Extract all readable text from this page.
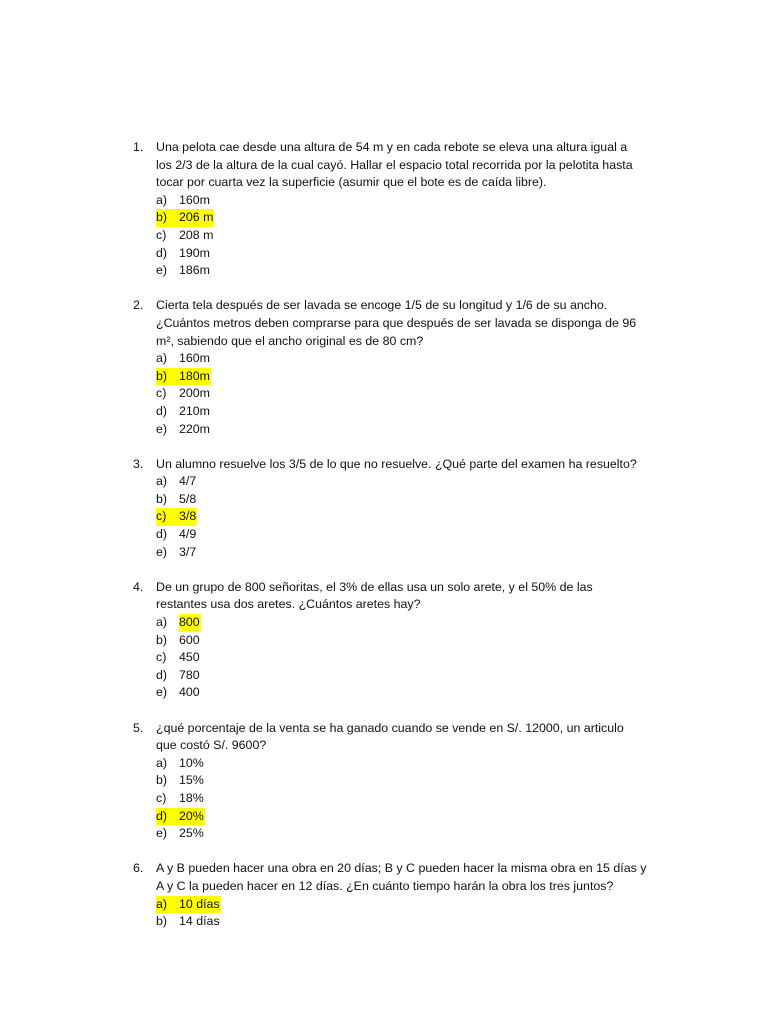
1.	Una pelota cae desde una altura de 54 m y en cada rebote se eleva una altura igual a
los 2/3 de la altura de la cual cayó. Hallar el espacio total recorrida por la pelotita hasta
tocar por cuarta vez la superficie (asumir que el bote es de caída libre).
a) 160m
b) 206 m
c) 208 m
d) 190m
e) 186m
2.	Cierta tela después de ser lavada se encoge 1/5 de su longitud y 1/6 de su ancho.
¿Cuántos metros deben comprarse para que después de ser lavada se disponga de 96
m², sabiendo que el ancho original es de 80 cm?
a) 160m
b) 180m
c) 200m
d) 210m
e) 220m
3.	Un alumno resuelve los 3/5 de lo que no resuelve. ¿Qué parte del examen ha resuelto?
a) 4/7
b) 5/8
c) 3/8
d) 4/9
e) 3/7
4.	De un grupo de 800 señoritas, el 3% de ellas usa un solo arete, y el 50% de las
restantes usa dos aretes. ¿Cuántos aretes hay?
a) 800
b) 600
c) 450
d) 780
e) 400
5.	¿qué porcentaje de la venta se ha ganado cuando se vende en S/. 12000, un articulo
que costó S/. 9600?
a) 10%
b) 15%
c) 18%
d) 20%
e) 25%
6.	A y B pueden hacer una obra en 20 días; B y C pueden hacer la misma obra en 15 días y
A y C la pueden hacer en 12 días. ¿En cuánto tiempo harán la obra los tres juntos?
a) 10 días
b) 14 días
